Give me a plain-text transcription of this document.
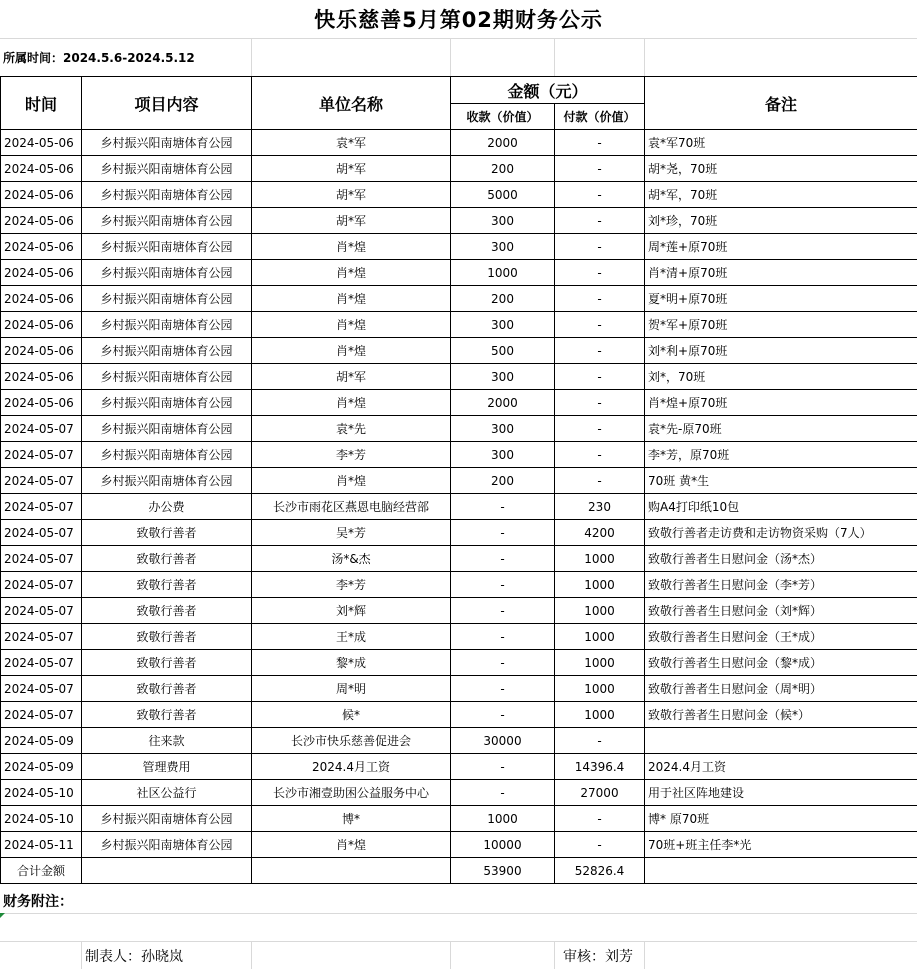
快乐慈善5月第02期财务公示
所属时间：2024.5.6-2024.5.12
时间	项目内容	单位名称	金额（元）		备注
			收款（价值）	付款（价值）	
2024-05-06	乡村振兴阳南塘体育公园	袁*军	2000	-	袁*军70班
2024-05-06	乡村振兴阳南塘体育公园	胡*军	200	-	胡*尧，70班
2024-05-06	乡村振兴阳南塘体育公园	胡*军	5000	-	胡*军，70班
2024-05-06	乡村振兴阳南塘体育公园	胡*军	300	-	刘*珍，70班
2024-05-06	乡村振兴阳南塘体育公园	肖*煌	300	-	周*莲+原70班
2024-05-06	乡村振兴阳南塘体育公园	肖*煌	1000	-	肖*清+原70班
2024-05-06	乡村振兴阳南塘体育公园	肖*煌	200	-	夏*明+原70班
2024-05-06	乡村振兴阳南塘体育公园	肖*煌	300	-	贺*军+原70班
2024-05-06	乡村振兴阳南塘体育公园	肖*煌	500	-	刘*利+原70班
2024-05-06	乡村振兴阳南塘体育公园	胡*军	300	-	刘*，70班
2024-05-06	乡村振兴阳南塘体育公园	肖*煌	2000	-	肖*煌+原70班
2024-05-07	乡村振兴阳南塘体育公园	袁*先	300	-	袁*先-原70班
2024-05-07	乡村振兴阳南塘体育公园	李*芳	300	-	李*芳，原70班
2024-05-07	乡村振兴阳南塘体育公园	肖*煌	200	-	70班 黄*生
2024-05-07	办公费	长沙市雨花区燕恩电脑经营部	-	230	购A4打印纸10包
2024-05-07	致敬行善者	吴*芳	-	4200	致敬行善者走访费和走访物资采购（7人）
2024-05-07	致敬行善者	汤*&杰	-	1000	致敬行善者生日慰问金（汤*杰）
2024-05-07	致敬行善者	李*芳	-	1000	致敬行善者生日慰问金（李*芳）
2024-05-07	致敬行善者	刘*辉	-	1000	致敬行善者生日慰问金（刘*辉）
2024-05-07	致敬行善者	王*成	-	1000	致敬行善者生日慰问金（王*成）
2024-05-07	致敬行善者	黎*成	-	1000	致敬行善者生日慰问金（黎*成）
2024-05-07	致敬行善者	周*明	-	1000	致敬行善者生日慰问金（周*明）
2024-05-07	致敬行善者	候*	-	1000	致敬行善者生日慰问金（候*）
2024-05-09	往来款	长沙市快乐慈善促进会	30000	-	
2024-05-09	管理费用	2024.4月工资	-	14396.4	2024.4月工资
2024-05-10	社区公益行	长沙市湘壹助困公益服务中心	-	27000	用于社区阵地建设
2024-05-10	乡村振兴阳南塘体育公园	博*	1000	-	博* 原70班
2024-05-11	乡村振兴阳南塘体育公园	肖*煌	10000	-	70班+班主任李*光
合计金额			53900	52826.4	
财务附注：
制表人：孙晓岚	审核：刘芳
